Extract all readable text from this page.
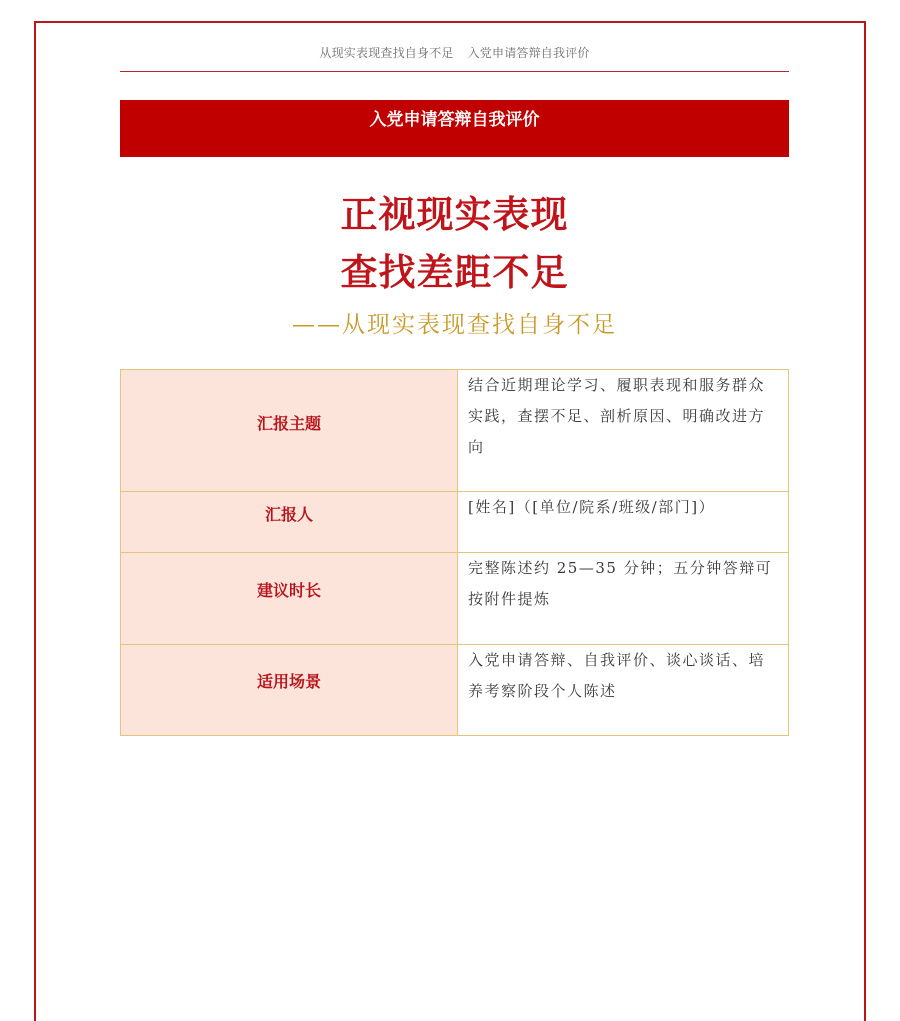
从现实表现查找自身不足 入党申请答辩自我评价
入党申请答辩自我评价
正视现实表现
查找差距不足
——从现实表现查找自身不足
汇报主题	结合近期理论学习、履职表现和服务群众实践，查摆不足、剖析原因、明确改进方向
汇报人	[姓名]（[单位/院系/班级/部门]）
建议时长	完整陈述约 25—35 分钟；五分钟答辩可按附件提炼
适用场景	入党申请答辩、自我评价、谈心谈话、培养考察阶段个人陈述
